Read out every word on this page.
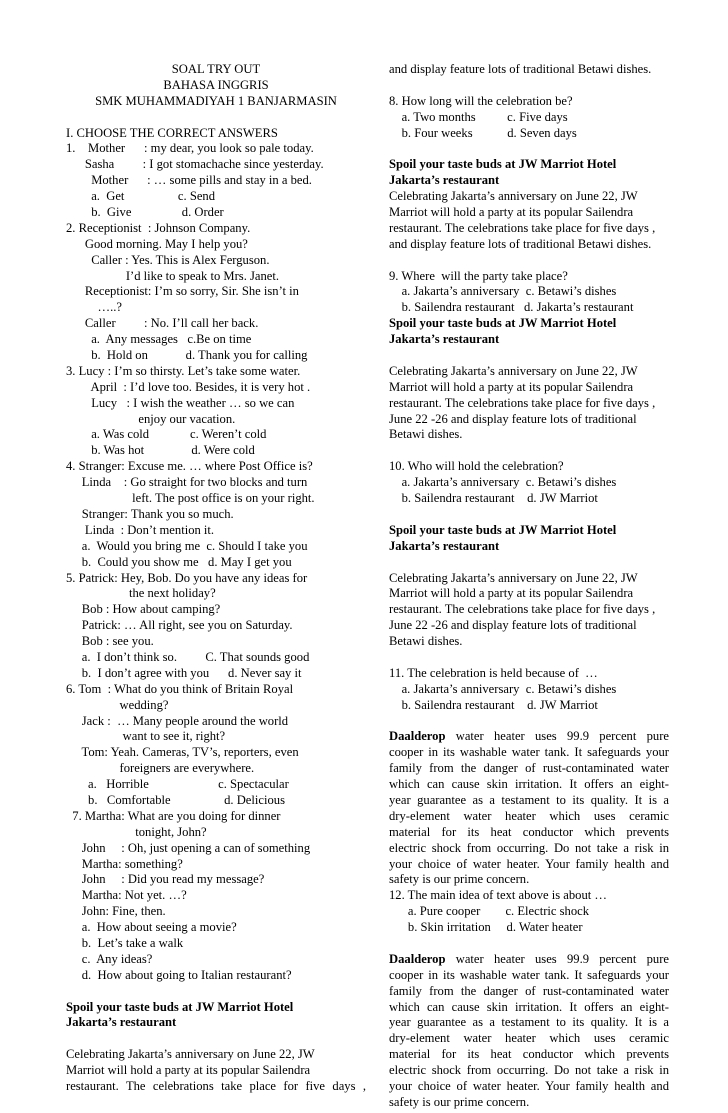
SOAL TRY OUT
BAHASA INGGRIS
SMK MUHAMMADIYAH 1 BANJARMASIN
I. CHOOSE THE CORRECT ANSWERS
1.    Mother      : my dear, you look so pale today.
Sasha         : I got stomachache since yesterday.
Mother      : … some pills and stay in a bed.
a.  Get                 c. Send
b.  Give                d. Order
2. Receptionist  : Johnson Company.
Good morning. May I help you?
Caller : Yes. This is Alex Ferguson.
I’d like to speak to Mrs. Janet.
Receptionist: I’m so sorry, Sir. She isn’t in
…..?
Caller         : No. I’ll call her back.
a.  Any messages   c.Be on time
b.  Hold on            d. Thank you for calling
3. Lucy : I’m so thirsty. Let’s take some water.
April  : I’d love too. Besides, it is very hot .
Lucy   : I wish the weather … so we can
enjoy our vacation.
a. Was cold             c. Weren’t cold
b. Was hot               d. Were cold
4. Stranger: Excuse me. … where Post Office is?
Linda    : Go straight for two blocks and turn
left. The post office is on your right.
Stranger: Thank you so much.
Linda  : Don’t mention it.
a.  Would you bring me  c. Should I take you
b.  Could you show me   d. May I get you
5. Patrick: Hey, Bob. Do you have any ideas for
the next holiday?
Bob : How about camping?
Patrick: … All right, see you on Saturday.
Bob : see you.
a.  I don’t think so.         C. That sounds good
b.  I don’t agree with you      d. Never say it
6. Tom  : What do you think of Britain Royal
wedding?
Jack :  … Many people around the world
want to see it, right?
Tom: Yeah. Cameras, TV’s, reporters, even
foreigners are everywhere.
a.   Horrible                      c. Spectacular
b.   Comfortable                 d. Delicious
7. Martha: What are you doing for dinner
tonight, John?
John     : Oh, just opening a can of something
Martha: something?
John     : Did you read my message?
Martha: Not yet. …?
John: Fine, then.
a.  How about seeing a movie?
b.  Let’s take a walk
c.  Any ideas?
d.  How about going to Italian restaurant?
Spoil your taste buds at JW Marriot Hotel
Jakarta’s restaurant
Celebrating Jakarta’s anniversary on June 22, JW
Marriot will hold a party at its popular Sailendra
restaurant. The celebrations take place for five days ,
and display feature lots of traditional Betawi dishes.
8. How long will the celebration be?
a. Two months          c. Five days
b. Four weeks           d. Seven days
Spoil your taste buds at JW Marriot Hotel
Jakarta’s restaurant
Celebrating Jakarta’s anniversary on June 22, JW
Marriot will hold a party at its popular Sailendra
restaurant. The celebrations take place for five days ,
and display feature lots of traditional Betawi dishes.
9. Where  will the party take place?
a. Jakarta’s anniversary  c. Betawi’s dishes
b. Sailendra restaurant   d. Jakarta’s restaurant
Spoil your taste buds at JW Marriot Hotel
Jakarta’s restaurant
Celebrating Jakarta’s anniversary on June 22, JW
Marriot will hold a party at its popular Sailendra
restaurant. The celebrations take place for five days ,
June 22 -26 and display feature lots of traditional
Betawi dishes.
10. Who will hold the celebration?
a. Jakarta’s anniversary  c. Betawi’s dishes
b. Sailendra restaurant    d. JW Marriot
Spoil your taste buds at JW Marriot Hotel
Jakarta’s restaurant
Celebrating Jakarta’s anniversary on June 22, JW
Marriot will hold a party at its popular Sailendra
restaurant. The celebrations take place for five days ,
June 22 -26 and display feature lots of traditional
Betawi dishes.
11. The celebration is held because of  …
a. Jakarta’s anniversary  c. Betawi’s dishes
b. Sailendra restaurant    d. JW Marriot
Daalderop water heater uses 99.9 percent pure
cooper in its washable water tank. It safeguards your
family from the danger of rust-contaminated water
which can cause skin irritation. It offers an eight-
year guarantee as a testament to its quality. It is a
dry-element water heater which uses ceramic
material for its heat conductor which prevents
electric shock from occurring. Do not take a risk in
your choice of water heater. Your family health and
safety is our prime concern.
12. The main idea of text above is about …
a. Pure cooper        c. Electric shock
b. Skin irritation     d. Water heater
Daalderop water heater uses 99.9 percent pure
cooper in its washable water tank. It safeguards your
family from the danger of rust-contaminated water
which can cause skin irritation. It offers an eight-
year guarantee as a testament to its quality. It is a
dry-element water heater which uses ceramic
material for its heat conductor which prevents
electric shock from occurring. Do not take a risk in
your choice of water heater. Your family health and
safety is our prime concern.
